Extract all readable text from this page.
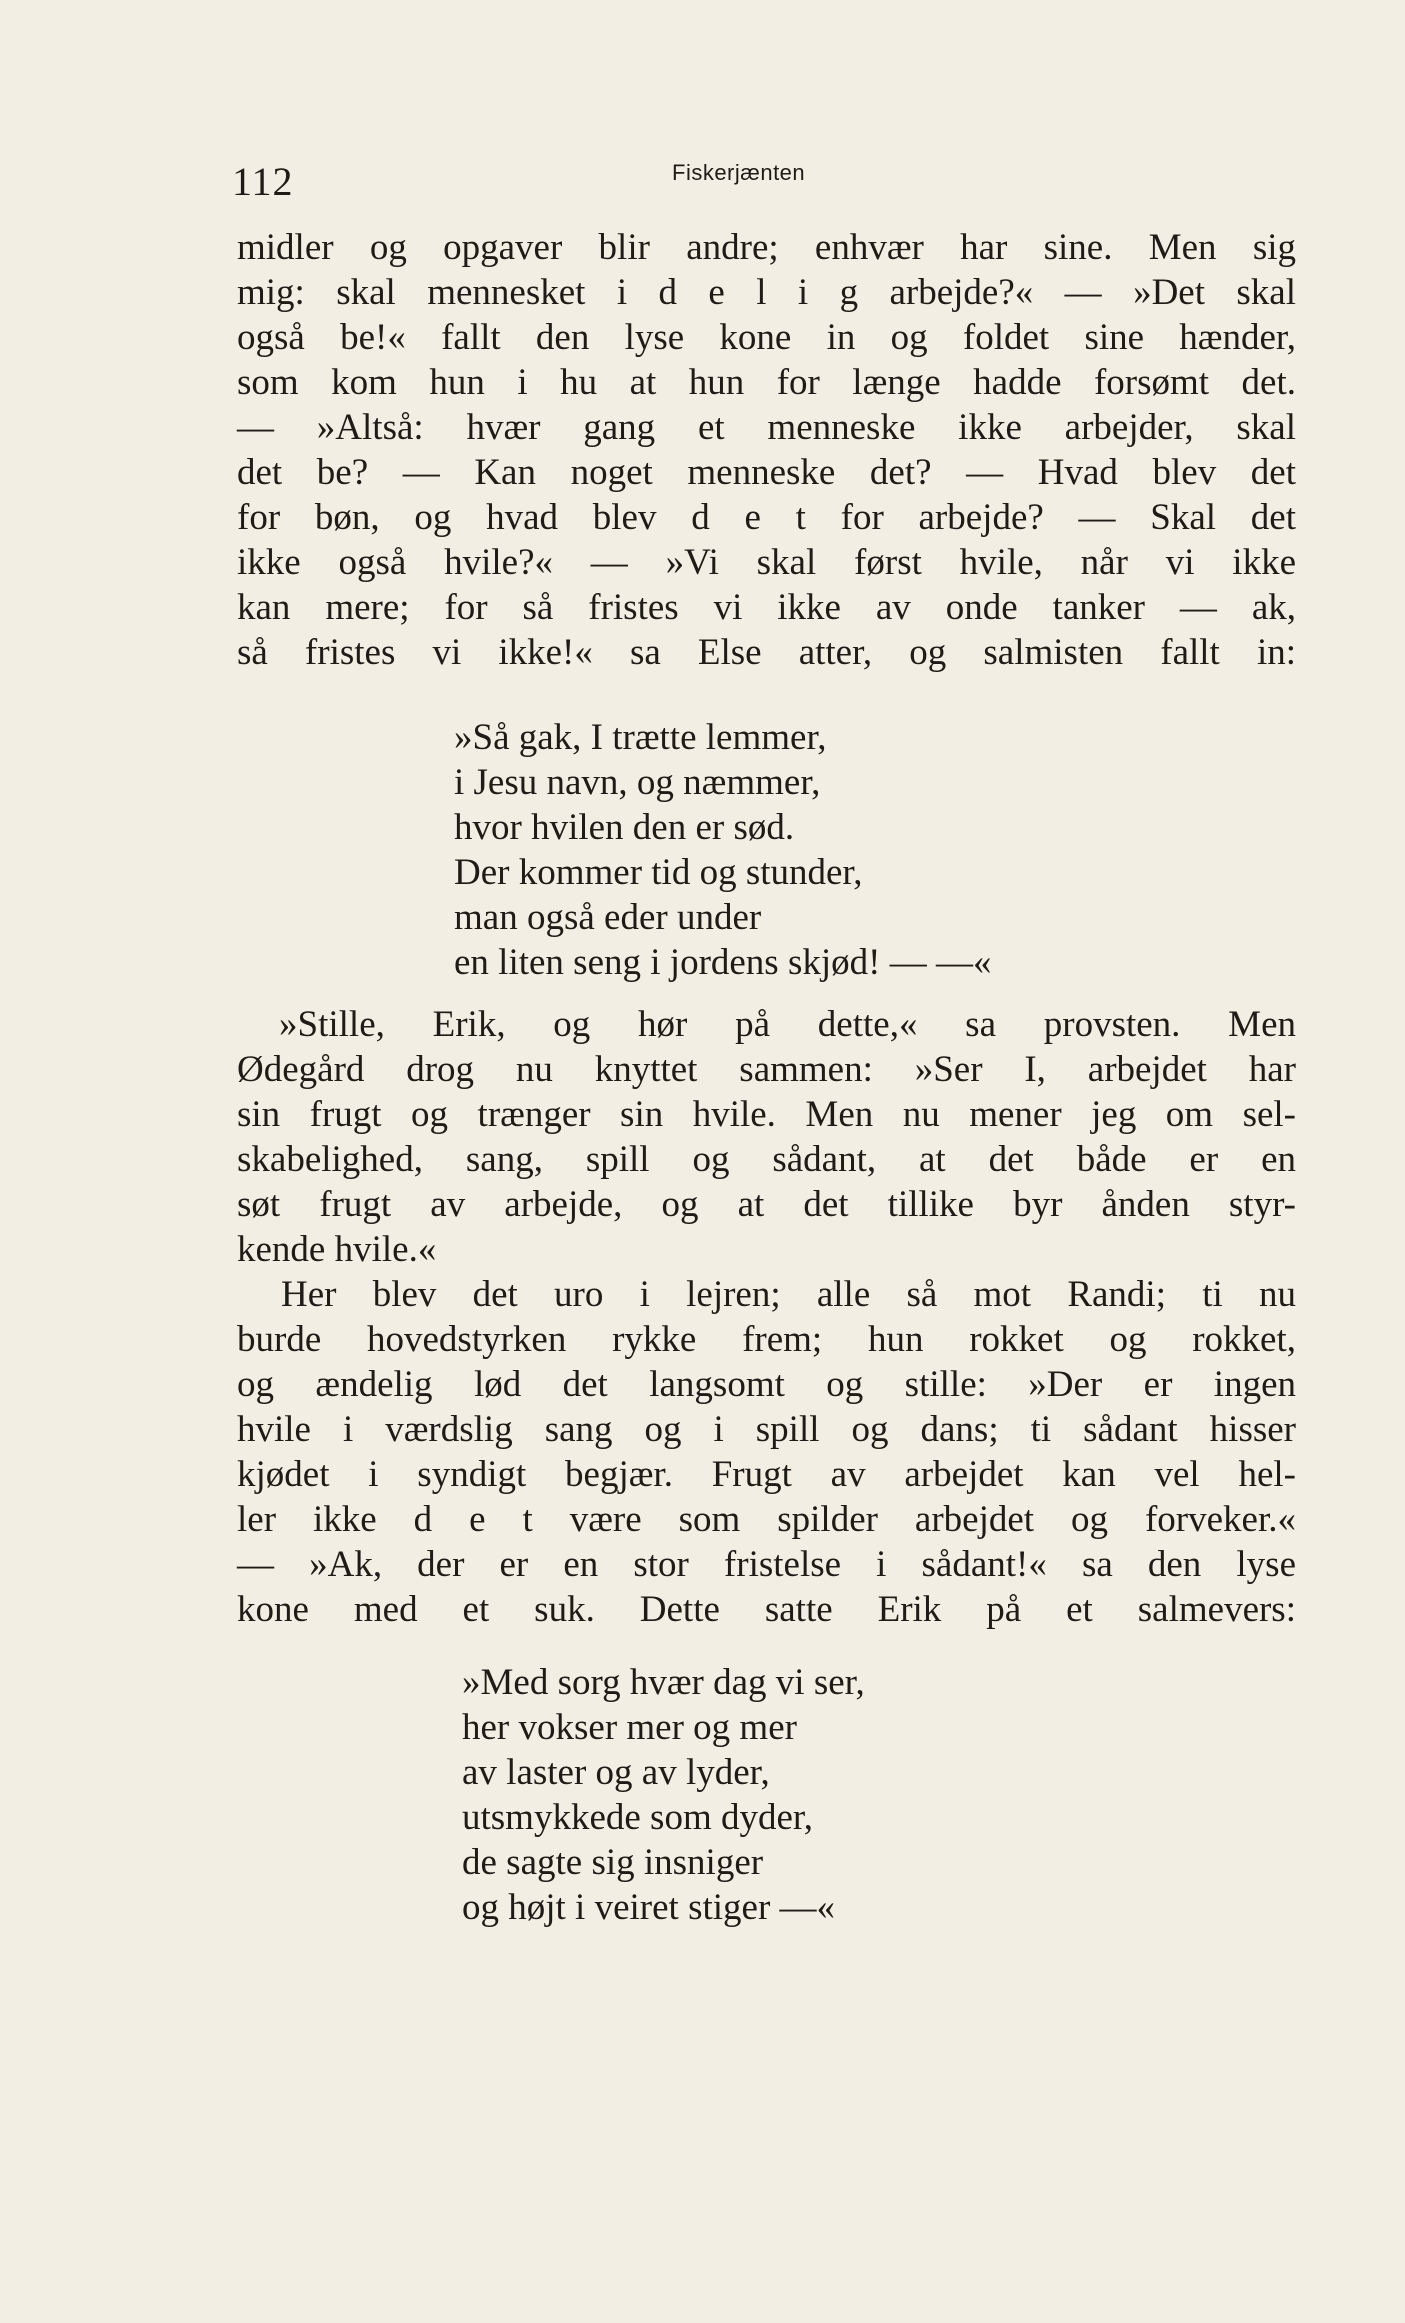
112	Fiskerjænten
midler og opgaver blir andre; enhvær har sine. Men sig
mig: skal mennesket i d e l i g arbejde?« — »Det skal
også be!« fallt den lyse kone in og foldet sine hænder,
som kom hun i hu at hun for længe hadde forsømt det.
— »Altså: hvær gang et menneske ikke arbejder, skal
det be? — Kan noget menneske det? — Hvad blev det
for bøn, og hvad blev d e t for arbejde? — Skal det
ikke også hvile?« — »Vi skal først hvile, når vi ikke
kan mere; for så fristes vi ikke av onde tanker — ak,
så fristes vi ikke!« sa Else atter, og salmisten fallt in:
»Så gak, I trætte lemmer,
i Jesu navn, og næmmer,
hvor hvilen den er sød.
Der kommer tid og stunder,
man også eder under
en liten seng i jordens skjød! — —«
»Stille, Erik, og hør på dette,« sa provsten. Men
Ødegård drog nu knyttet sammen: »Ser I, arbejdet har
sin frugt og trænger sin hvile. Men nu mener jeg om sel-
skabelighed, sang, spill og sådant, at det både er en
søt frugt av arbejde, og at det tillike byr ånden styr-
kende hvile.«
Her blev det uro i lejren; alle så mot Randi; ti nu
burde hovedstyrken rykke frem; hun rokket og rokket,
og ændelig lød det langsomt og stille: »Der er ingen
hvile i værdslig sang og i spill og dans; ti sådant hisser
kjødet i syndigt begjær. Frugt av arbejdet kan vel hel-
ler ikke d e t være som spilder arbejdet og forveker.«
— »Ak, der er en stor fristelse i sådant!« sa den lyse
kone med et suk. Dette satte Erik på et salmevers:
»Med sorg hvær dag vi ser,
her vokser mer og mer
av laster og av lyder,
utsmykkede som dyder,
de sagte sig insniger
og højt i veiret stiger —«
